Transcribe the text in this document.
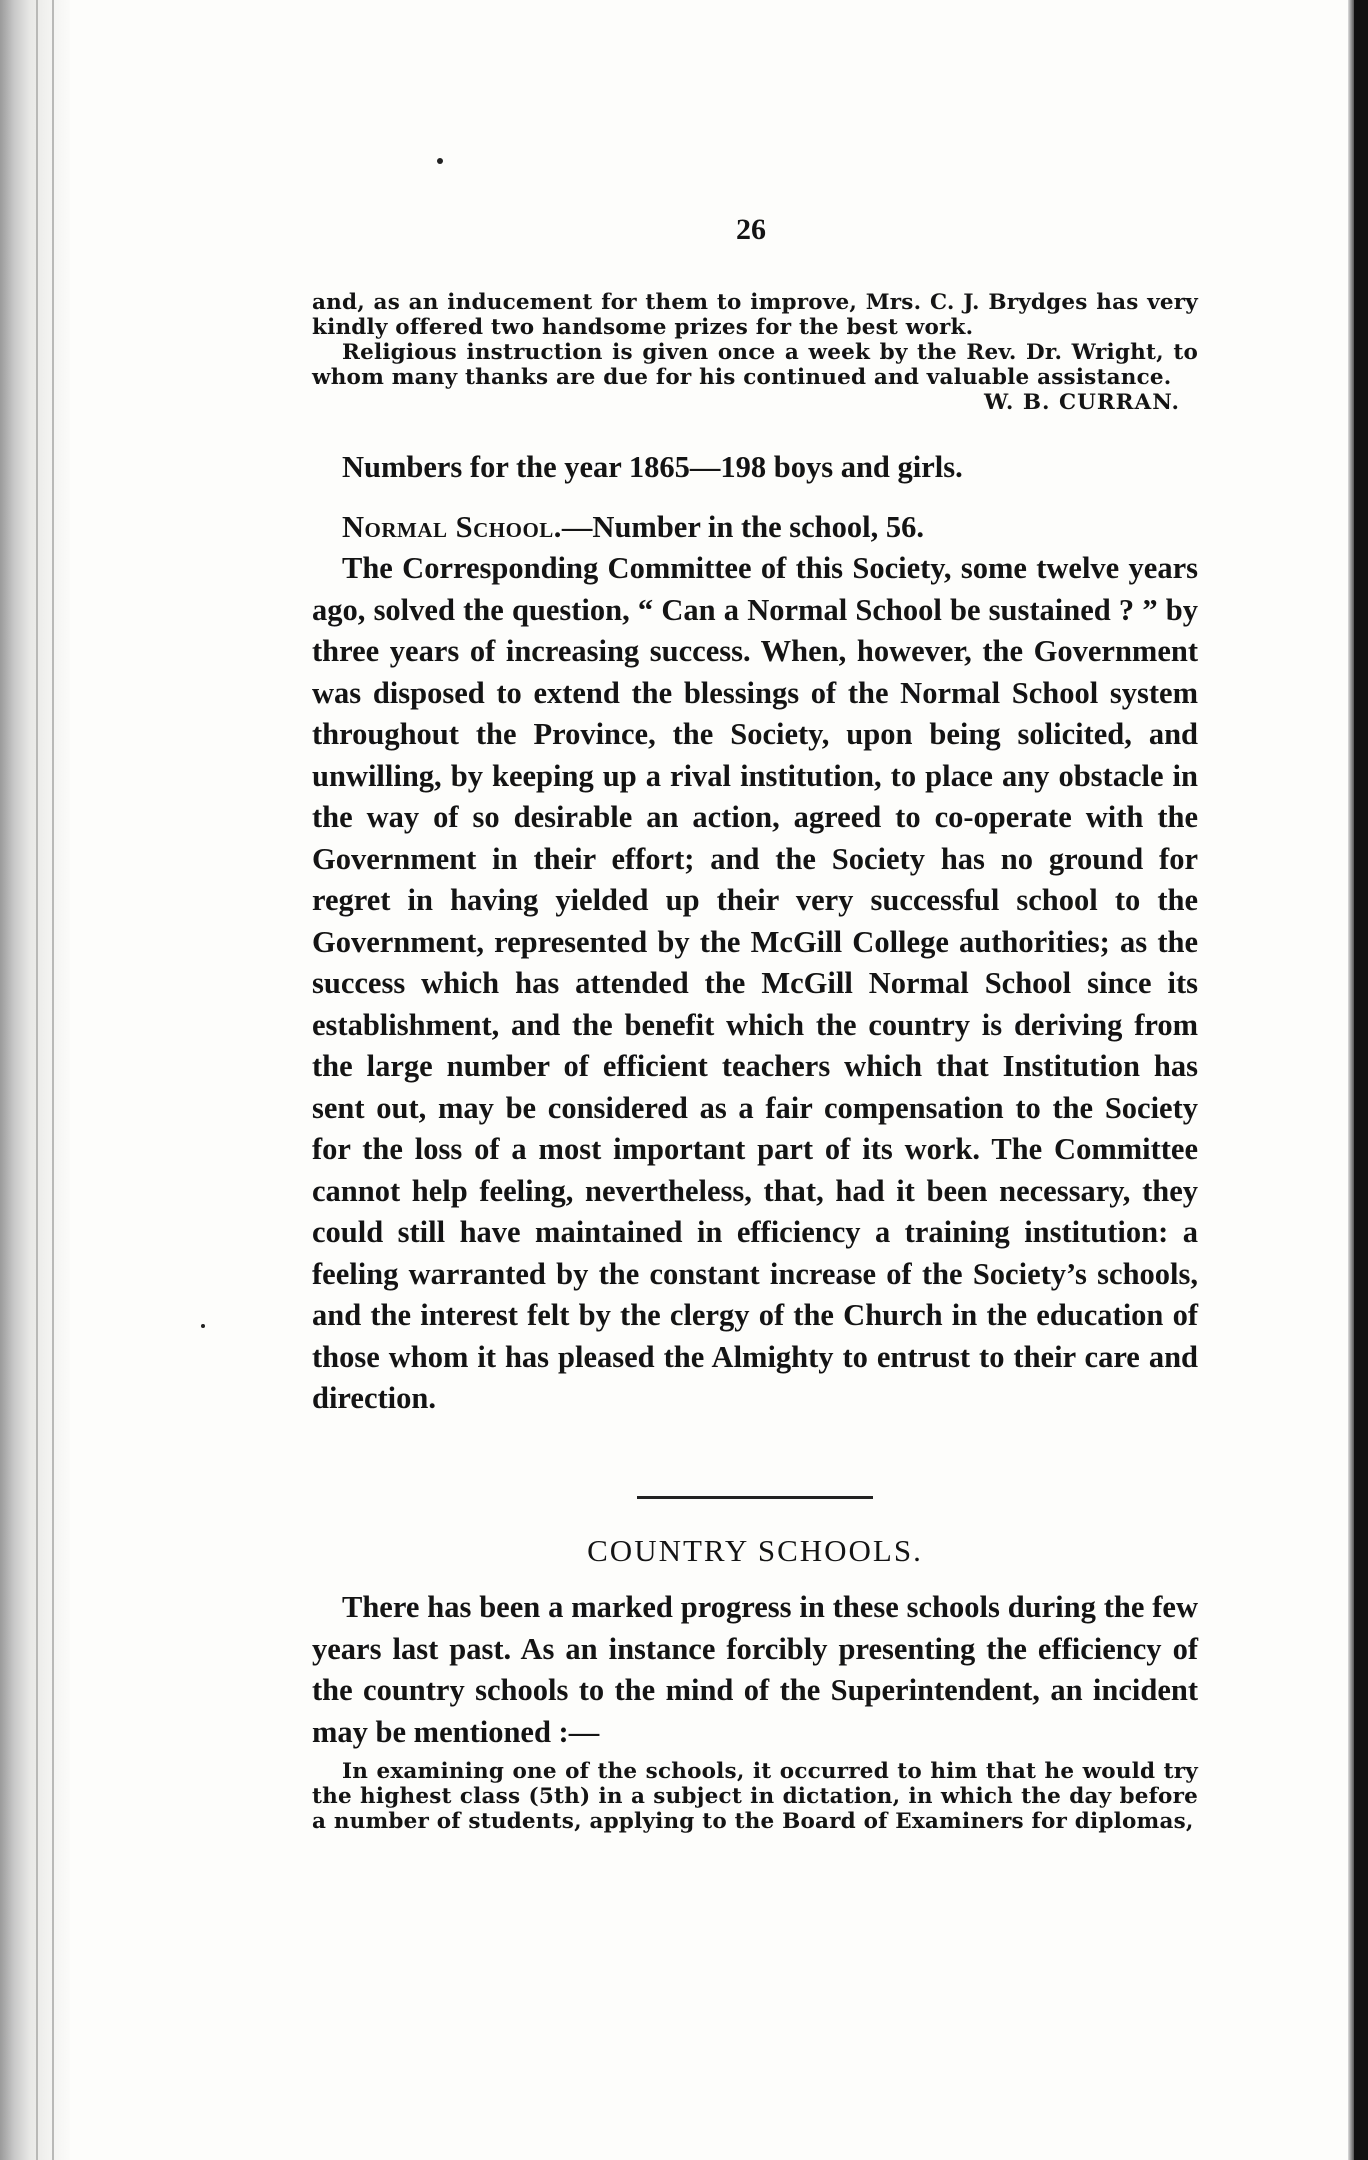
26

and, as an inducement for them to improve, Mrs. C. J. Brydges has very kindly offered two handsome prizes for the best work.

Religious instruction is given once a week by the Rev. Dr. Wright, to whom many thanks are due for his continued and valuable assistance.

W. B. CURRAN.

Numbers for the year 1865—198 boys and girls.

Normal School.—Number in the school, 56.

The Corresponding Committee of this Society, some twelve years ago, solved the question, “ Can a Normal School be sustained ? ” by three years of increasing success. When, however, the Government was disposed to extend the blessings of the Normal School system throughout the Province, the Society, upon being solicited, and unwilling, by keeping up a rival institution, to place any obstacle in the way of so desirable an action, agreed to co-operate with the Government in their effort; and the Society has no ground for regret in having yielded up their very successful school to the Government, represented by the McGill College authorities; as the success which has attended the McGill Normal School since its establishment, and the benefit which the country is deriving from the large number of efficient teachers which that Institution has sent out, may be considered as a fair compensation to the Society for the loss of a most important part of its work. The Committee cannot help feeling, nevertheless, that, had it been necessary, they could still have maintained in efficiency a training institution: a feeling warranted by the constant increase of the Society’s schools, and the interest felt by the clergy of the Church in the education of those whom it has pleased the Almighty to entrust to their care and direction.

COUNTRY SCHOOLS.

There has been a marked progress in these schools during the few years last past. As an instance forcibly presenting the efficiency of the country schools to the mind of the Superintendent, an incident may be mentioned :—

In examining one of the schools, it occurred to him that he would try the highest class (5th) in a subject in dictation, in which the day before a number of students, applying to the Board of Examiners for diplomas,
